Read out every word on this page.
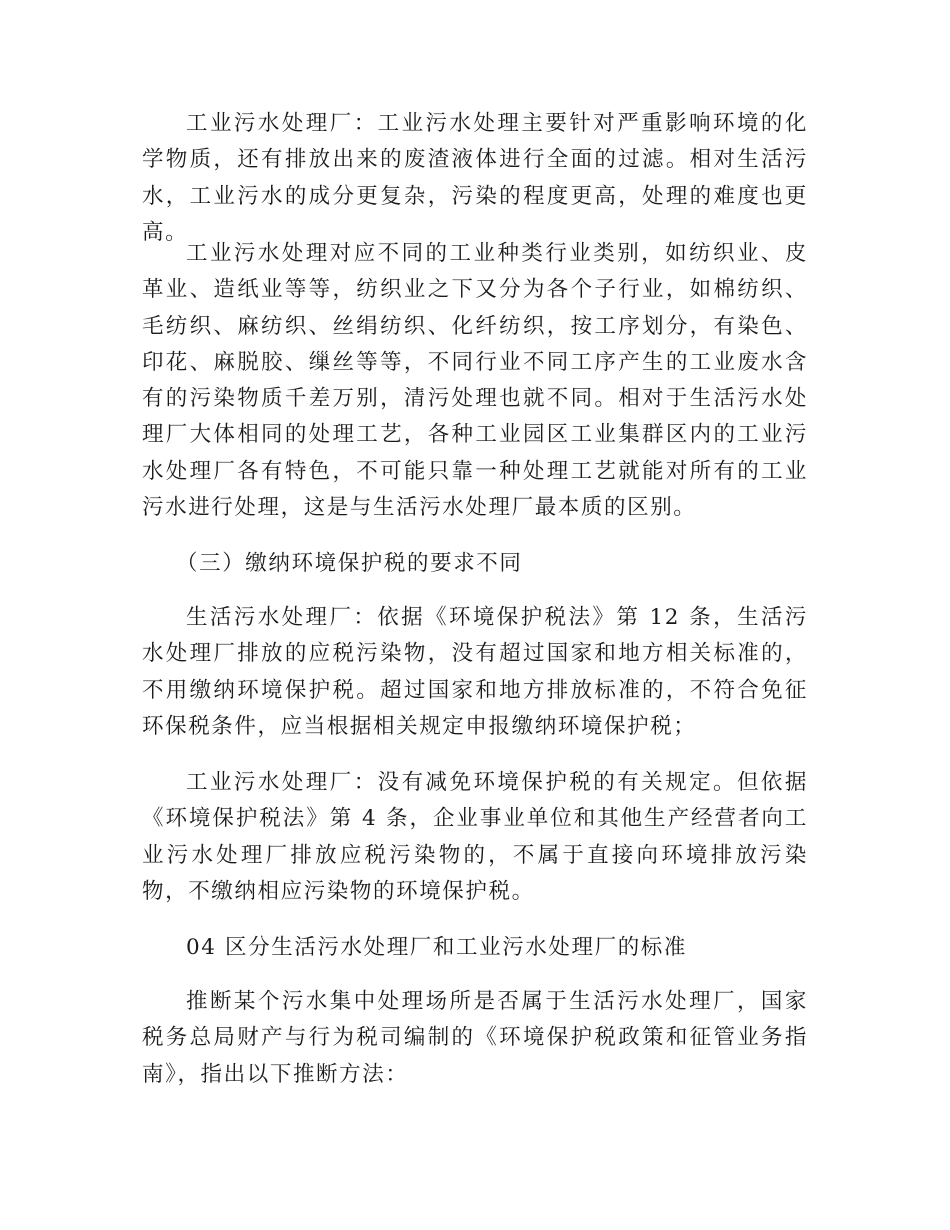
工业污水处理厂：工业污水处理主要针对严重影响环境的化学物质，还有排放出来的废渣液体进行全面的过滤。相对生活污水，工业污水的成分更复杂，污染的程度更高，处理的难度也更高。

工业污水处理对应不同的工业种类行业类别，如纺织业、皮革业、造纸业等等，纺织业之下又分为各个子行业，如棉纺织、毛纺织、麻纺织、丝绢纺织、化纤纺织，按工序划分，有染色、印花、麻脱胶、缫丝等等，不同行业不同工序产生的工业废水含有的污染物质千差万别，清污处理也就不同。相对于生活污水处理厂大体相同的处理工艺，各种工业园区工业集群区内的工业污水处理厂各有特色，不可能只靠一种处理工艺就能对所有的工业污水进行处理，这是与生活污水处理厂最本质的区别。

（三）缴纳环境保护税的要求不同

生活污水处理厂：依据《环境保护税法》第 12 条，生活污水处理厂排放的应税污染物，没有超过国家和地方相关标准的，不用缴纳环境保护税。超过国家和地方排放标准的，不符合免征环保税条件，应当根据相关规定申报缴纳环境保护税；

工业污水处理厂：没有减免环境保护税的有关规定。但依据《环境保护税法》第 4 条，企业事业单位和其他生产经营者向工业污水处理厂排放应税污染物的，不属于直接向环境排放污染物，不缴纳相应污染物的环境保护税。

04 区分生活污水处理厂和工业污水处理厂的标准

推断某个污水集中处理场所是否属于生活污水处理厂，国家税务总局财产与行为税司编制的《环境保护税政策和征管业务指南》，指出以下推断方法：
